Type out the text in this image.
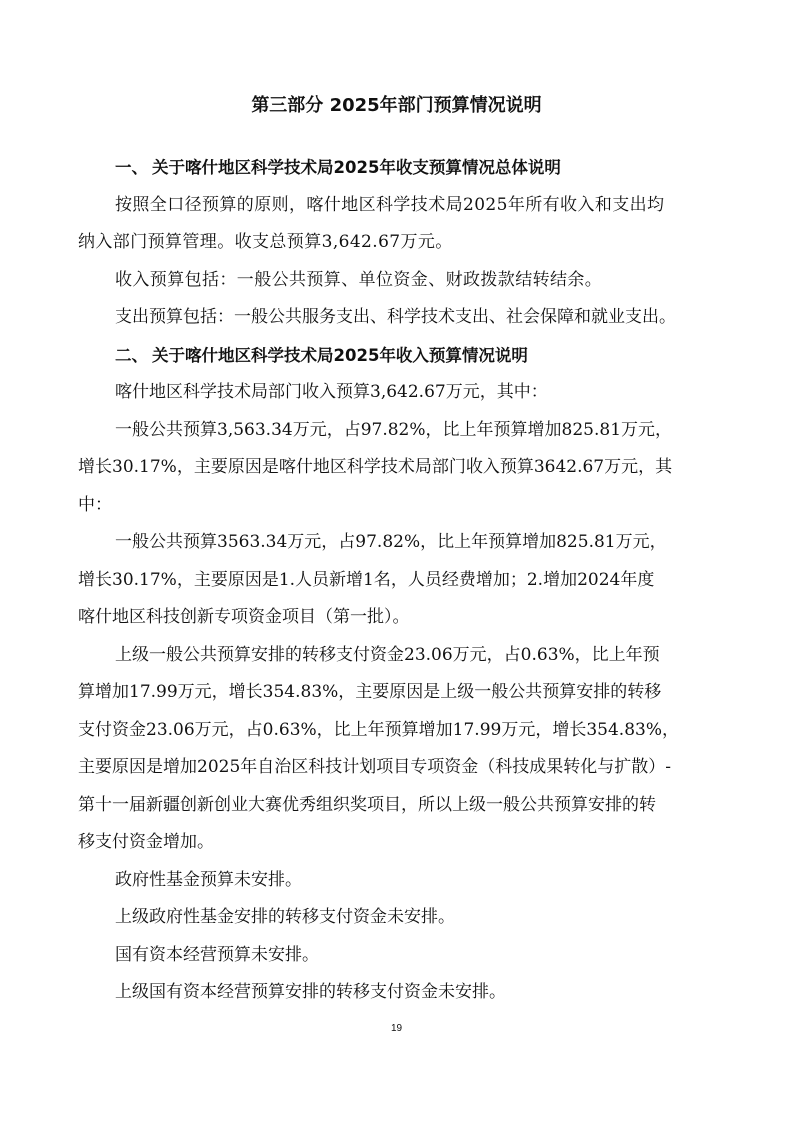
第三部分 2025年部门预算情况说明
一、 关于喀什地区科学技术局2025年收支预算情况总体说明
按照全口径预算的原则，喀什地区科学技术局2025年所有收入和支出均
纳入部门预算管理。收支总预算3,642.67万元。
收入预算包括：一般公共预算、单位资金、财政拨款结转结余。
支出预算包括：一般公共服务支出、科学技术支出、社会保障和就业支出。
二、 关于喀什地区科学技术局2025年收入预算情况说明
喀什地区科学技术局部门收入预算3,642.67万元，其中：
一般公共预算3,563.34万元，占97.82%，比上年预算增加825.81万元，
增长30.17%，主要原因是喀什地区科学技术局部门收入预算3642.67万元，其
中：
一般公共预算3563.34万元，占97.82%，比上年预算增加825.81万元，
增长30.17%，主要原因是1.人员新增1名，人员经费增加；2.增加2024年度
喀什地区科技创新专项资金项目（第一批）。
上级一般公共预算安排的转移支付资金23.06万元，占0.63%，比上年预
算增加17.99万元，增长354.83%，主要原因是上级一般公共预算安排的转移
支付资金23.06万元，占0.63%，比上年预算增加17.99万元，增长354.83%，
主要原因是增加2025年自治区科技计划项目专项资金（科技成果转化与扩散）-
第十一届新疆创新创业大赛优秀组织奖项目，所以上级一般公共预算安排的转
移支付资金增加。
政府性基金预算未安排。
上级政府性基金安排的转移支付资金未安排。
国有资本经营预算未安排。
上级国有资本经营预算安排的转移支付资金未安排。
19
